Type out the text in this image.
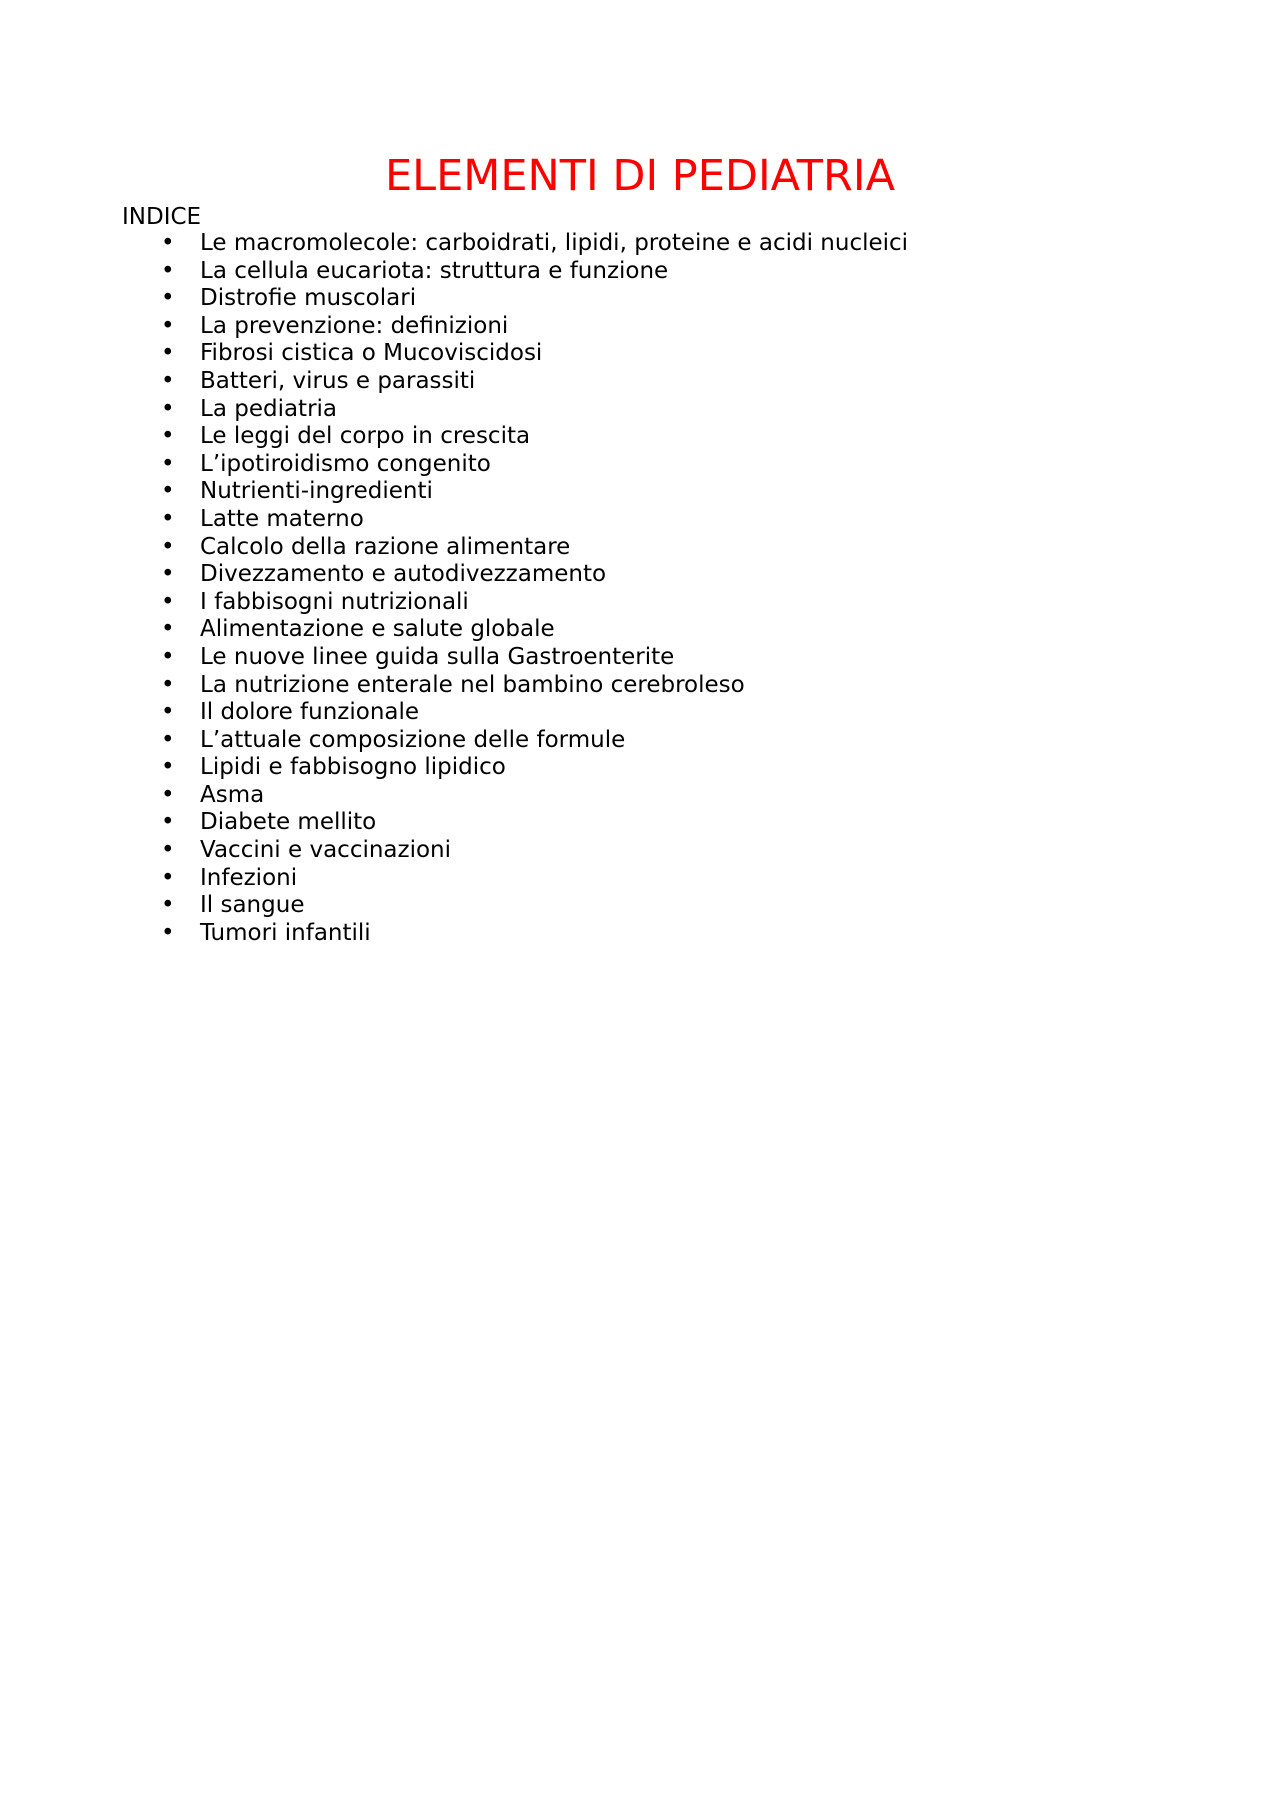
ELEMENTI DI PEDIATRIA

INDICE

• Le macromolecole: carboidrati, lipidi, proteine e acidi nucleici
• La cellula eucariota: struttura e funzione
• Distrofie muscolari
• La prevenzione: definizioni
• Fibrosi cistica o Mucoviscidosi
• Batteri, virus e parassiti
• La pediatria
• Le leggi del corpo in crescita
• L’ipotiroidismo congenito
• Nutrienti-ingredienti
• Latte materno
• Calcolo della razione alimentare
• Divezzamento e autodivezzamento
• I fabbisogni nutrizionali
• Alimentazione e salute globale
• Le nuove linee guida sulla Gastroenterite
• La nutrizione enterale nel bambino cerebroleso
• Il dolore funzionale
• L’attuale composizione delle formule
• Lipidi e fabbisogno lipidico
• Asma
• Diabete mellito
• Vaccini e vaccinazioni
• Infezioni
• Il sangue
• Tumori infantili
